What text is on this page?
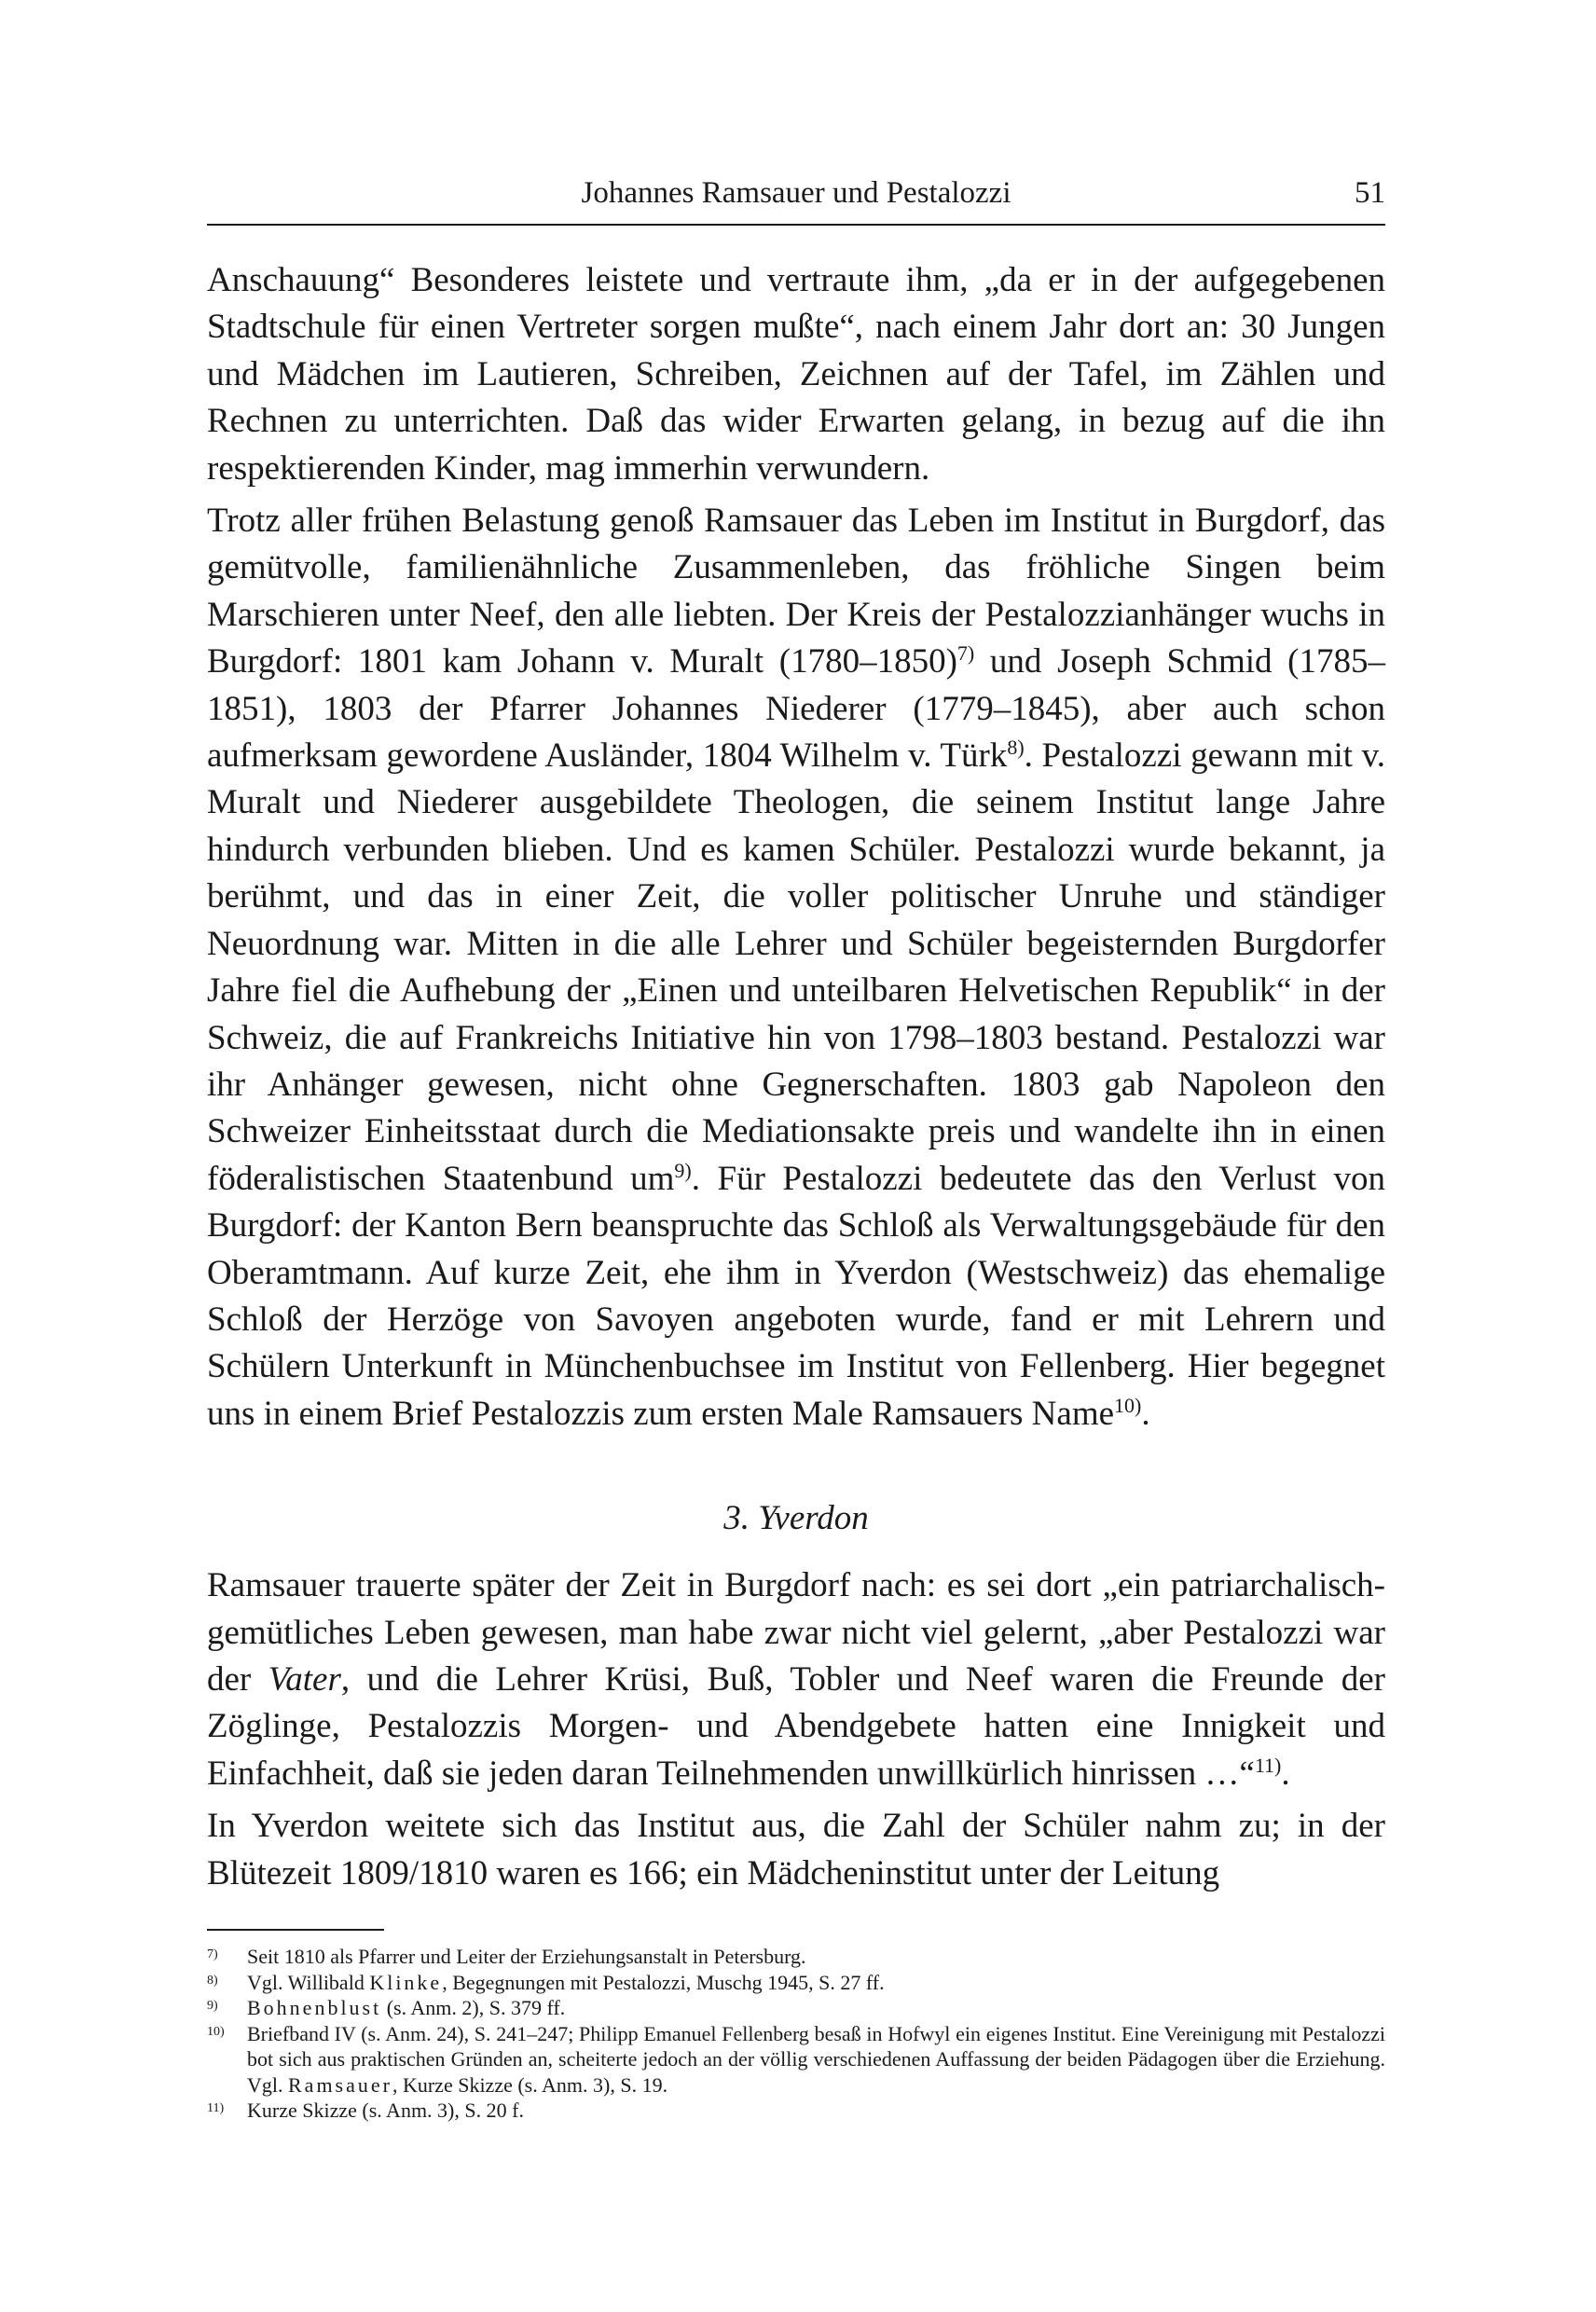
Johannes Ramsauer und Pestalozzi	51

Anschauung“ Besonderes leistete und vertraute ihm, „da er in der aufgegebenen Stadtschule für einen Vertreter sorgen mußte“, nach einem Jahr dort an: 30 Jungen und Mädchen im Lautieren, Schreiben, Zeichnen auf der Tafel, im Zählen und Rechnen zu unterrichten. Daß das wider Erwarten gelang, in bezug auf die ihn respektierenden Kinder, mag immerhin verwundern.

Trotz aller frühen Belastung genoß Ramsauer das Leben im Institut in Burgdorf, das gemütvolle, familienähnliche Zusammenleben, das fröhliche Singen beim Marschieren unter Neef, den alle liebten. Der Kreis der Pestalozzianhänger wuchs in Burgdorf: 1801 kam Johann v. Muralt (1780–1850)$^{7)}$ und Joseph Schmid (1785–1851), 1803 der Pfarrer Johannes Niederer (1779–1845), aber auch schon aufmerksam gewordene Ausländer, 1804 Wilhelm v. Türk$^{8)}$. Pestalozzi gewann mit v. Muralt und Niederer ausgebildete Theologen, die seinem Institut lange Jahre hindurch verbunden blieben. Und es kamen Schüler. Pestalozzi wurde bekannt, ja berühmt, und das in einer Zeit, die voller politischer Unruhe und ständiger Neuordnung war. Mitten in die alle Lehrer und Schüler begeisternden Burgdorfer Jahre fiel die Aufhebung der „Einen und unteilbaren Helvetischen Republik“ in der Schweiz, die auf Frankreichs Initiative hin von 1798–1803 bestand. Pestalozzi war ihr Anhänger gewesen, nicht ohne Gegnerschaften. 1803 gab Napoleon den Schweizer Einheitsstaat durch die Mediationsakte preis und wandelte ihn in einen föderalistischen Staatenbund um$^{9)}$. Für Pestalozzi bedeutete das den Verlust von Burgdorf: der Kanton Bern beanspruchte das Schloß als Verwaltungsgebäude für den Oberamtmann. Auf kurze Zeit, ehe ihm in Yverdon (Westschweiz) das ehemalige Schloß der Herzöge von Savoyen angeboten wurde, fand er mit Lehrern und Schülern Unterkunft in Münchenbuchsee im Institut von Fellenberg. Hier begegnet uns in einem Brief Pestalozzis zum ersten Male Ramsauers Name$^{10)}$.

3. Yverdon

Ramsauer trauerte später der Zeit in Burgdorf nach: es sei dort „ein patriarchalisch-gemütliches Leben gewesen, man habe zwar nicht viel gelernt, „aber Pestalozzi war der Vater, und die Lehrer Krüsi, Buß, Tobler und Neef waren die Freunde der Zöglinge, Pestalozzis Morgen- und Abendgebete hatten eine Innigkeit und Einfachheit, daß sie jeden daran Teilnehmenden unwillkürlich hinrissen …“$^{11)}$.

In Yverdon weitete sich das Institut aus, die Zahl der Schüler nahm zu; in der Blütezeit 1809/1810 waren es 166; ein Mädcheninstitut unter der Leitung

7)	Seit 1810 als Pfarrer und Leiter der Erziehungsanstalt in Petersburg.
8)	Vgl. Willibald Klinke, Begegnungen mit Pestalozzi, Muschg 1945, S. 27 ff.
9)	Bohnenblust (s. Anm. 2), S. 379 ff.
10)	Briefband IV (s. Anm. 24), S. 241–247; Philipp Emanuel Fellenberg besaß in Hofwyl ein eigenes Institut. Eine Vereinigung mit Pestalozzi bot sich aus praktischen Gründen an, scheiterte jedoch an der völlig verschiedenen Auffassung der beiden Pädagogen über die Erziehung. Vgl. Ramsauer, Kurze Skizze (s. Anm. 3), S. 19.
11)	Kurze Skizze (s. Anm. 3), S. 20 f.
